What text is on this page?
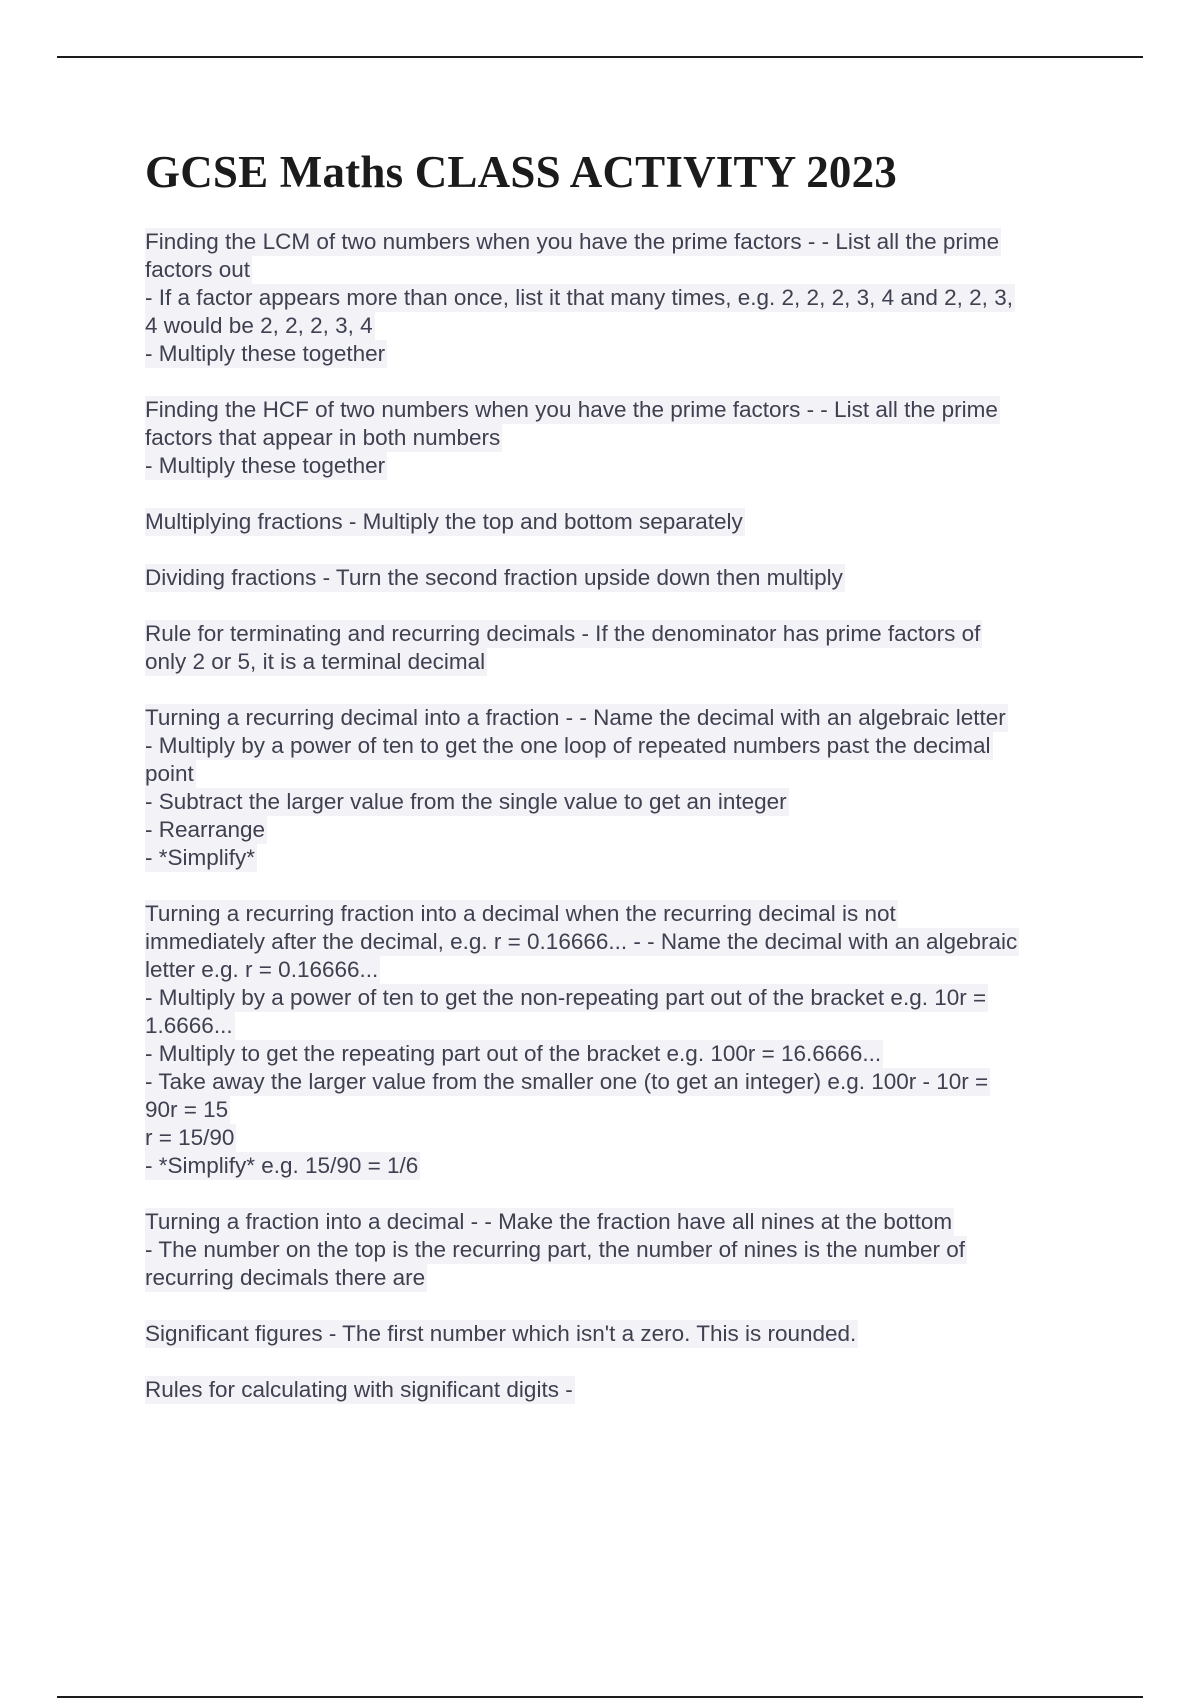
GCSE Maths CLASS ACTIVITY 2023
Finding the LCM of two numbers when you have the prime factors - - List all the prime
factors out
- If a factor appears more than once, list it that many times, e.g. 2, 2, 2, 3, 4 and 2, 2, 3,
4 would be 2, 2, 2, 3, 4
- Multiply these together
Finding the HCF of two numbers when you have the prime factors - - List all the prime
factors that appear in both numbers
- Multiply these together
Multiplying fractions - Multiply the top and bottom separately
Dividing fractions - Turn the second fraction upside down then multiply
Rule for terminating and recurring decimals - If the denominator has prime factors of
only 2 or 5, it is a terminal decimal
Turning a recurring decimal into a fraction - - Name the decimal with an algebraic letter
- Multiply by a power of ten to get the one loop of repeated numbers past the decimal
point
- Subtract the larger value from the single value to get an integer
- Rearrange
- *Simplify*
Turning a recurring fraction into a decimal when the recurring decimal is not
immediately after the decimal, e.g. r = 0.16666... - - Name the decimal with an algebraic
letter e.g. r = 0.16666...
- Multiply by a power of ten to get the non-repeating part out of the bracket e.g. 10r =
1.6666...
- Multiply to get the repeating part out of the bracket e.g. 100r = 16.6666...
- Take away the larger value from the smaller one (to get an integer) e.g. 100r - 10r =
90r = 15
r = 15/90
- *Simplify* e.g. 15/90 = 1/6
Turning a fraction into a decimal - - Make the fraction have all nines at the bottom
- The number on the top is the recurring part, the number of nines is the number of
recurring decimals there are
Significant figures - The first number which isn't a zero. This is rounded.
Rules for calculating with significant digits -
